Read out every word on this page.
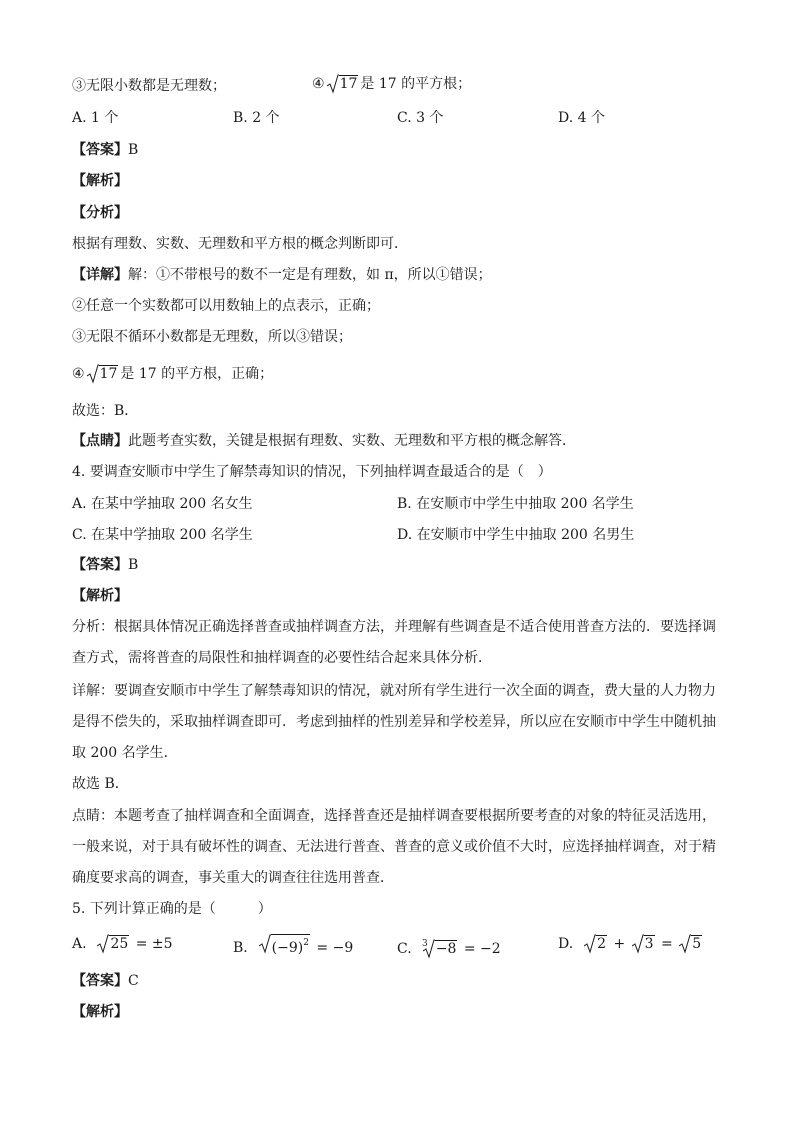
③无限小数都是无理数；	④ 17 是 17 的平方根；
A. 1 个	B. 2 个	C. 3 个	D. 4 个
【答案】B
【解析】
【分析】
根据有理数、实数、无理数和平方根的概念判断即可．
【详解】解：①不带根号的数不一定是有理数，如 π，所以①错误；
②任意一个实数都可以用数轴上的点表示，正确；
③无限不循环小数都是无理数，所以③错误；
④ 17 是 17 的平方根，正确；
故选：B．
【点睛】此题考查实数，关键是根据有理数、实数、无理数和平方根的概念解答．
4. 要调查安顺市中学生了解禁毒知识的情况，下列抽样调查最适合的是（　）
A. 在某中学抽取 200 名女生	B. 在安顺市中学生中抽取 200 名学生
C. 在某中学抽取 200 名学生	D. 在安顺市中学生中抽取 200 名男生
【答案】B
【解析】
分析：根据具体情况正确选择普查或抽样调查方法，并理解有些调查是不适合使用普查方法的．要选择调
查方式，需将普查的局限性和抽样调查的必要性结合起来具体分析．
详解：要调查安顺市中学生了解禁毒知识的情况，就对所有学生进行一次全面的调查，费大量的人力物力
是得不偿失的，采取抽样调查即可．考虑到抽样的性别差异和学校差异，所以应在安顺市中学生中随机抽
取 200 名学生．
故选 B．
点睛：本题考查了抽样调查和全面调查，选择普查还是抽样调查要根据所要考查的对象的特征灵活选用，
一般来说，对于具有破坏性的调查、无法进行普查、普查的意义或价值不大时，应选择抽样调查，对于精
确度要求高的调查，事关重大的调查往往选用普查．
5. 下列计算正确的是（　　　）
A. 25 = ±5	B. $(-9)^2 = -9$	C. $^3$ −8 = −2	D. 2 + 3 = 5
【答案】C
【解析】
